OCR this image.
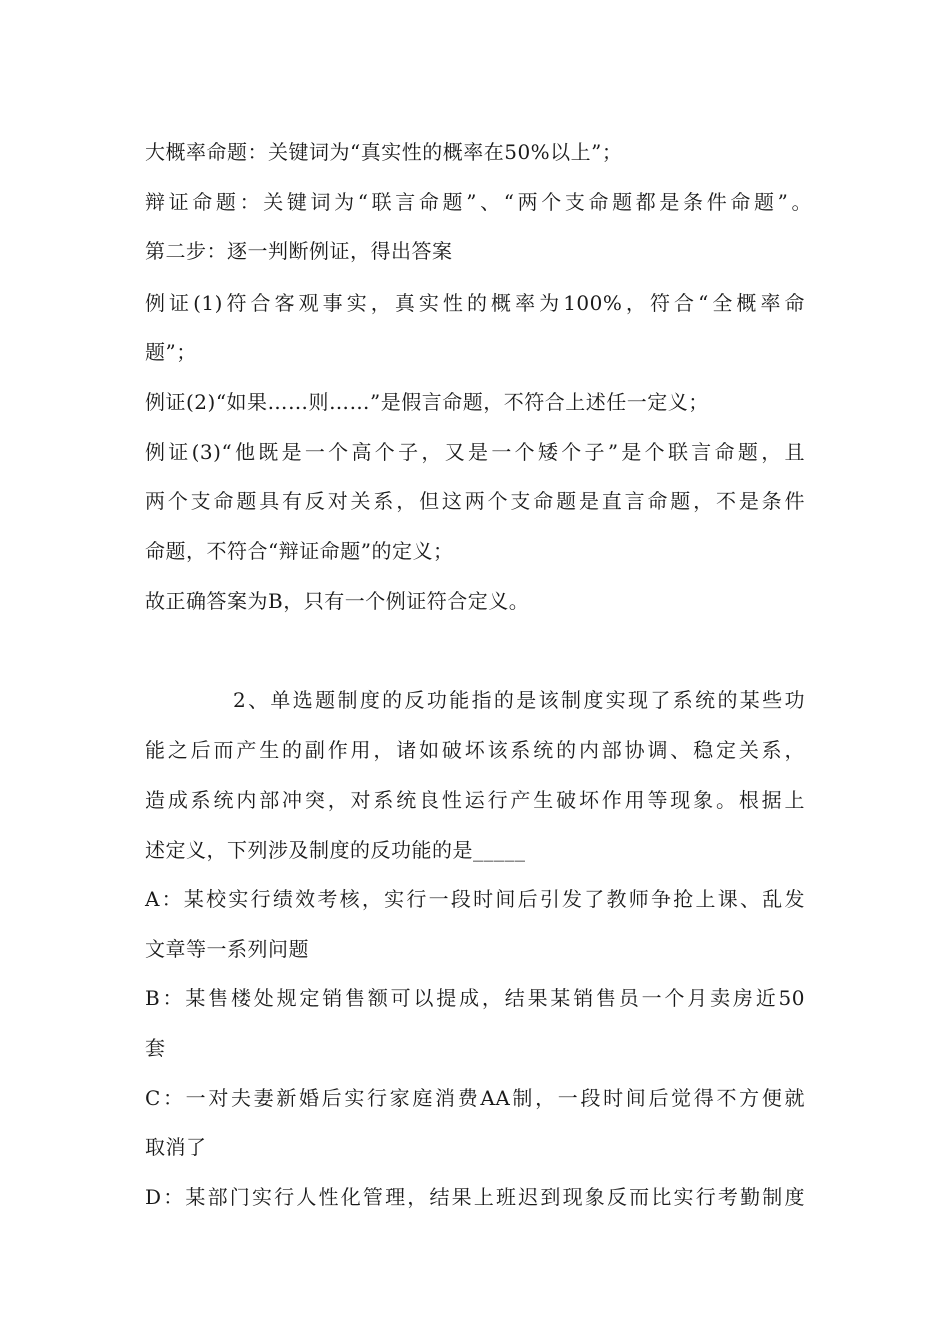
大概率命题：关键词为“真实性的概率在50%以上”；
辩证命题：关键词为“联言命题”、“两个支命题都是条件命题”。
第二步：逐一判断例证，得出答案
例证(1)符合客观事实，真实性的概率为100%，符合“全概率命
题”；
例证(2)“如果……则……”是假言命题，不符合上述任一定义；
例证(3)“他既是一个高个子，又是一个矮个子”是个联言命题，且
两个支命题具有反对关系，但这两个支命题是直言命题，不是条件
命题，不符合“辩证命题”的定义；
故正确答案为B，只有一个例证符合定义。
2、单选题制度的反功能指的是该制度实现了系统的某些功
能之后而产生的副作用，诸如破坏该系统的内部协调、稳定关系，
造成系统内部冲突，对系统良性运行产生破坏作用等现象。根据上
述定义，下列涉及制度的反功能的是_____
A：某校实行绩效考核，实行一段时间后引发了教师争抢上课、乱发
文章等一系列问题
B：某售楼处规定销售额可以提成，结果某销售员一个月卖房近50
套
C：一对夫妻新婚后实行家庭消费AA制，一段时间后觉得不方便就
取消了
D：某部门实行人性化管理，结果上班迟到现象反而比实行考勤制度
